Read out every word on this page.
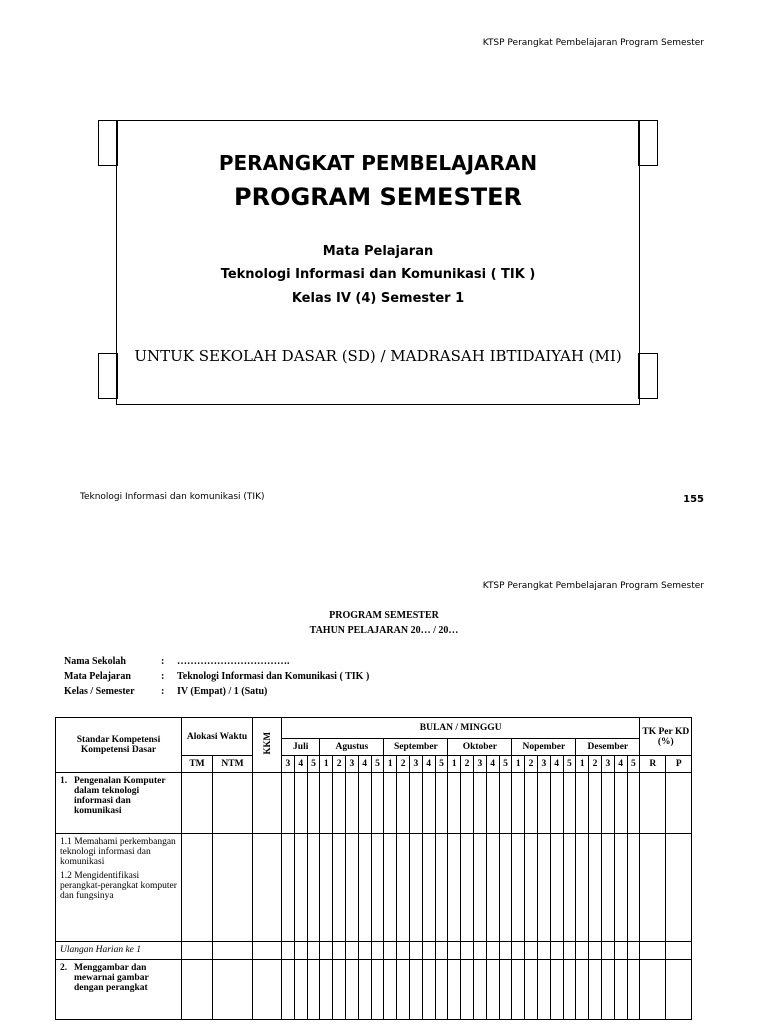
KTSP Perangkat Pembelajaran Program Semester
PERANGKAT PEMBELAJARAN
PROGRAM SEMESTER
Mata Pelajaran
Teknologi Informasi dan Komunikasi ( TIK )
Kelas IV (4) Semester 1
UNTUK SEKOLAH DASAR (SD) / MADRASAH IBTIDAIYAH (MI)
Teknologi Informasi dan komunikasi (TIK)	155
KTSP Perangkat Pembelajaran Program Semester
PROGRAM SEMESTER
TAHUN PELAJARAN 20… / 20…
Nama Sekolah	:	…………………………….
Mata Pelajaran	:	Teknologi Informasi dan Komunikasi ( TIK )
Kelas / Semester	:	IV (Empat) / 1 (Satu)
Standar Kompetensi Kompetensi Dasar	Alokasi Waktu		KKM	BULAN / MINGGU																												TK Per KD (%)	
				Juli			Agustus					September					Oktober					Nopember					Desember						
	TM	NTM		3	4	5	1	2	3	4	5	1	2	3	4	5	1	2	3	4	5	1	2	3	4	5	1	2	3	4	5	R	P

1. Pengenalan Komputer dalam teknologi informasi dan komunikasi																																	

1.1 Memahami perkembangan teknologi informasi dan komunikasi
1.2 Mengidentifikasi perangkat-perangkat komputer dan fungsinya																																	

Ulangan Harian ke 1																																	

2. Menggambar dan mewarnai gambar dengan perangkat																																	
